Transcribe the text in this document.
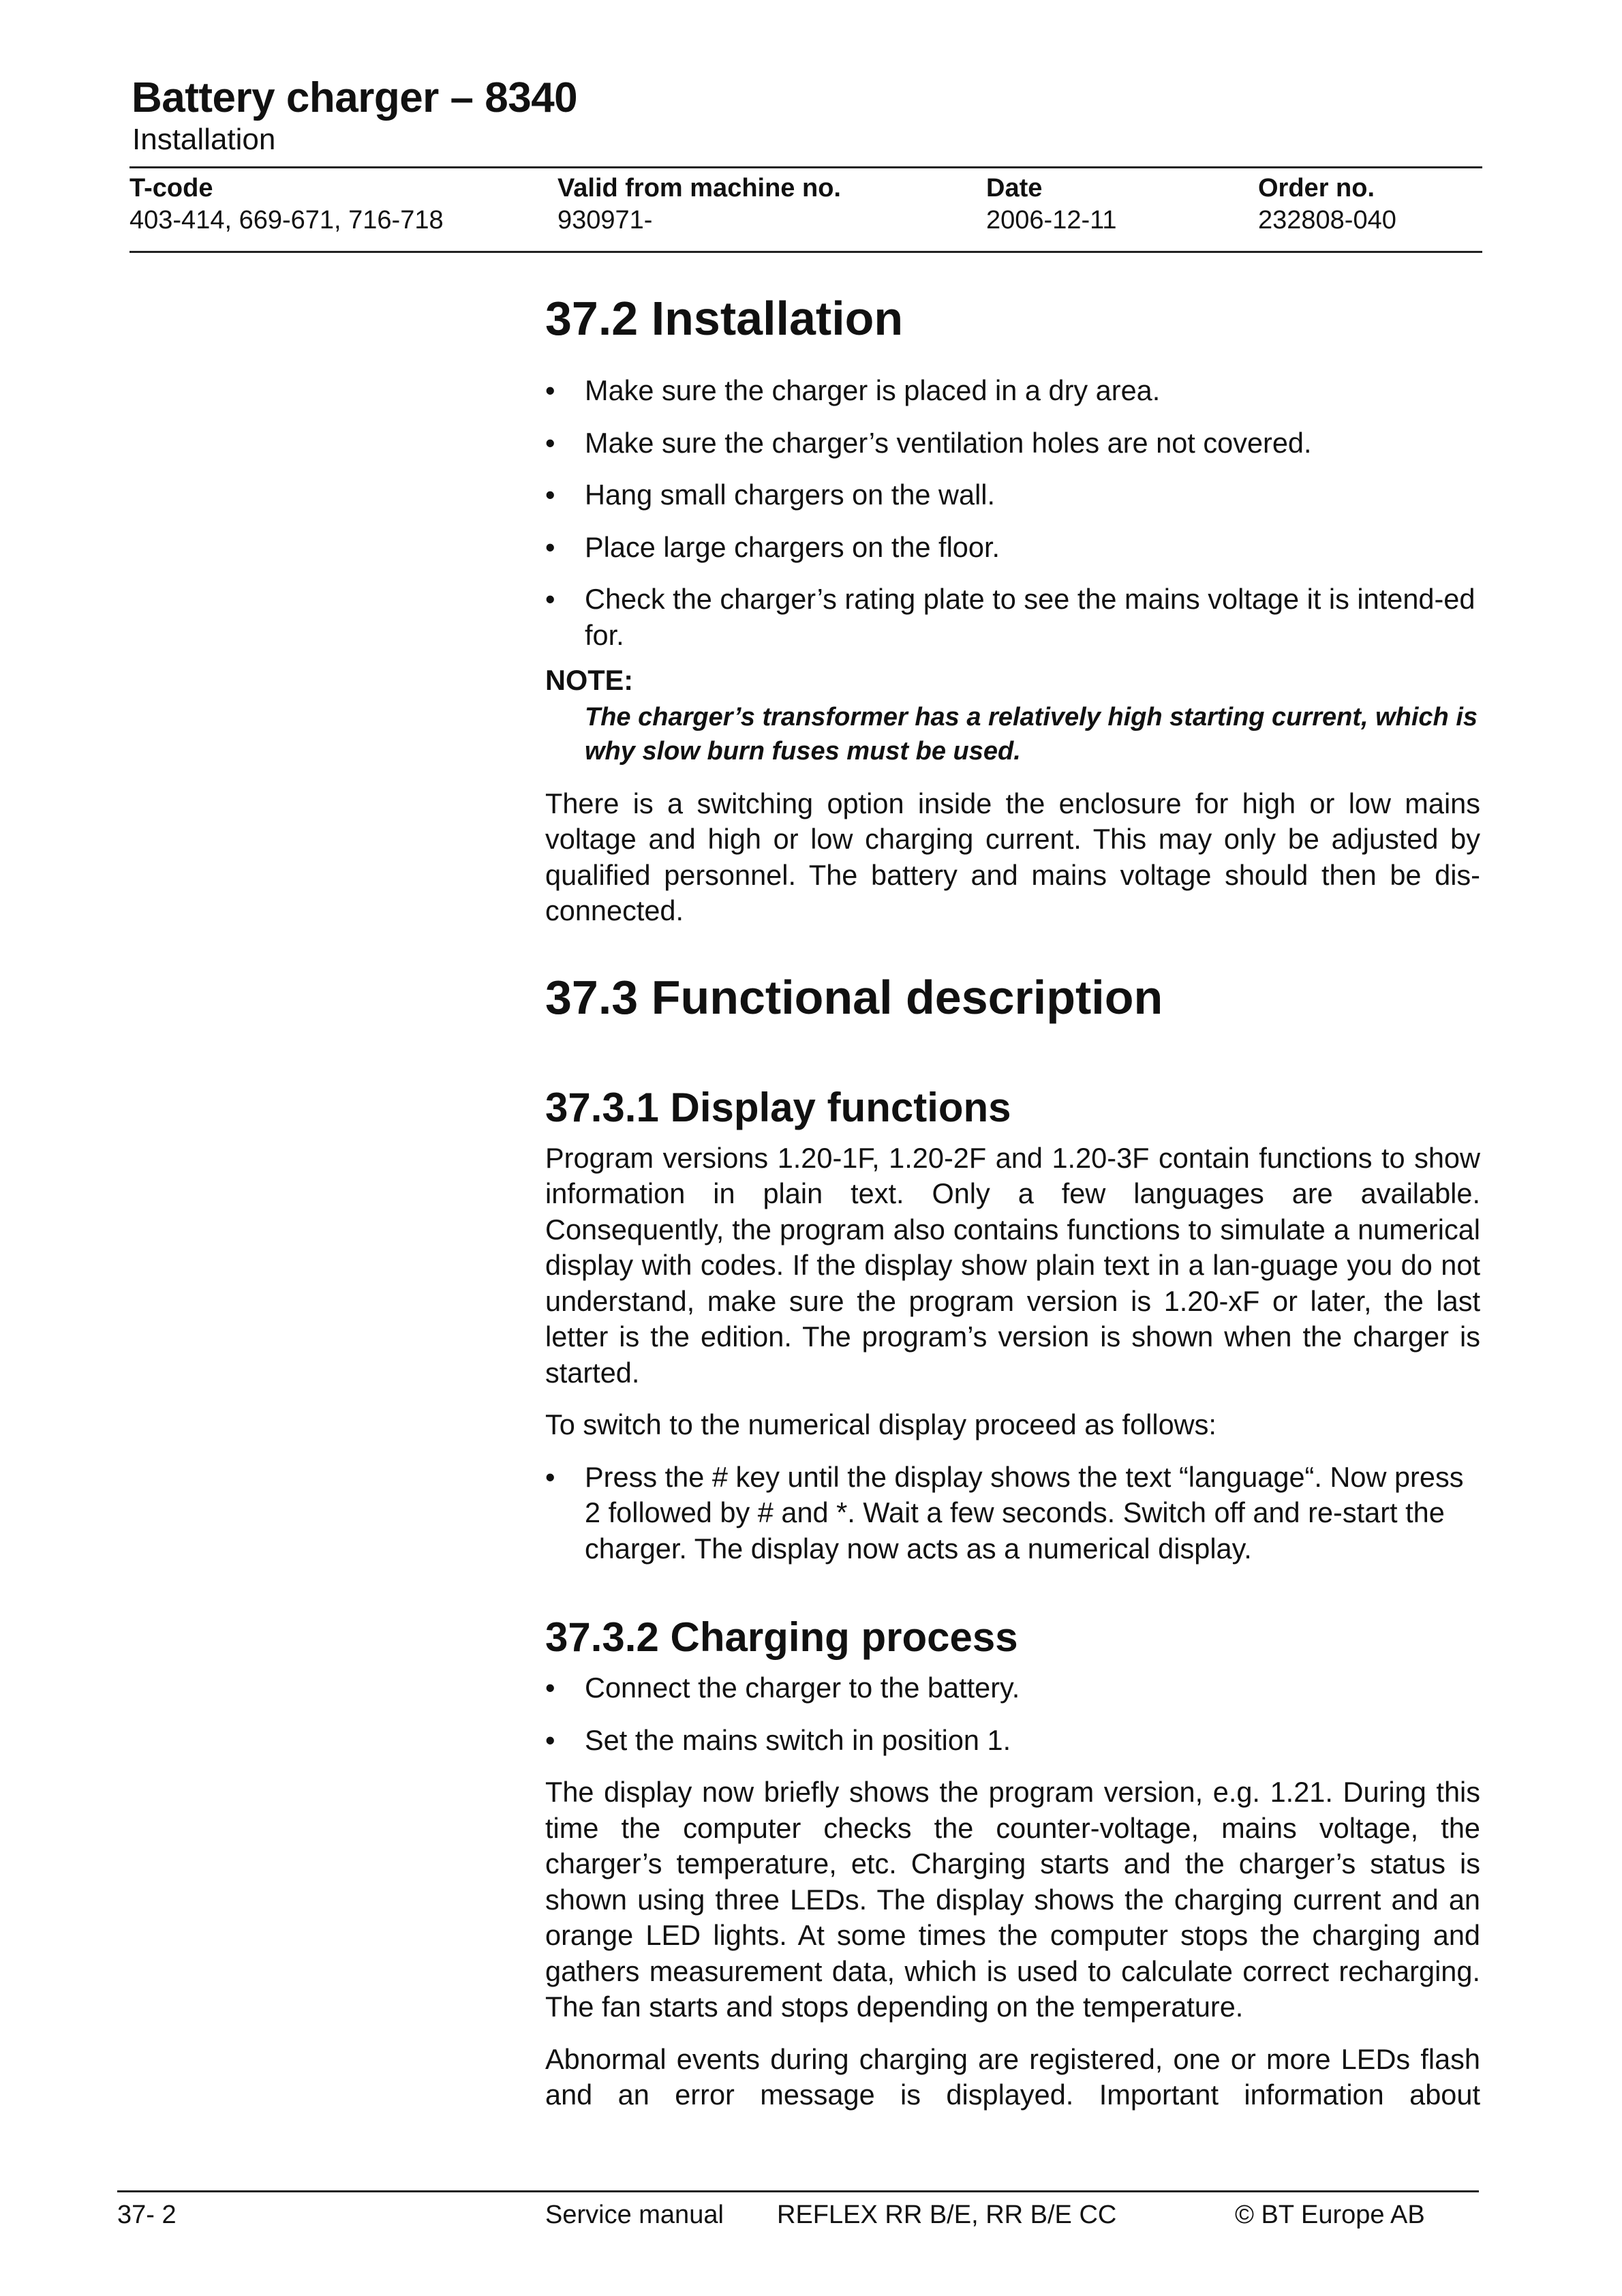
Battery charger – 8340
Installation
T-code
403-414, 669-671, 716-718
Valid from machine no.
930971-
Date
2006-12-11
Order no.
232808-040
37.2 Installation
• Make sure the charger is placed in a dry area.
• Make sure the charger’s ventilation holes are not covered.
• Hang small chargers on the wall.
• Place large chargers on the floor.
• Check the charger’s rating plate to see the mains voltage it is intend-ed for.
NOTE:
The charger’s transformer has a relatively high starting current, which is why slow burn fuses must be used.

There is a switching option inside the enclosure for high or low mains voltage and high or low charging current. This may only be adjusted by qualified personnel. The battery and mains voltage should then be dis-connected.

37.3 Functional description
37.3.1 Display functions

Program versions 1.20-1F, 1.20-2F and 1.20-3F contain functions to show information in plain text. Only a few languages are available. Consequently, the program also contains functions to simulate a numerical display with codes. If the display show plain text in a lan-guage you do not understand, make sure the program version is 1.20-xF or later, the last letter is the edition. The program’s version is shown when the charger is started.

To switch to the numerical display proceed as follows:

• Press the # key until the display shows the text “language“. Now press 2 followed by # and *. Wait a few seconds. Switch off and re-start the charger. The display now acts as a numerical display.
37.3.2 Charging process
• Connect the charger to the battery.
• Set the mains switch in position 1.

The display now briefly shows the program version, e.g. 1.21. During this time the computer checks the counter-voltage, mains voltage, the charger’s temperature, etc. Charging starts and the charger’s status is shown using three LEDs. The display shows the charging current and an orange LED lights. At some times the computer stops the charging and gathers measurement data, which is used to calculate correct recharging. The fan starts and stops depending on the temperature.

Abnormal events during charging are registered, one or more LEDs flash and an error message is displayed. Important information about

37- 2	Service manual REFLEX RR B/E, RR B/E CC	© BT Europe AB
